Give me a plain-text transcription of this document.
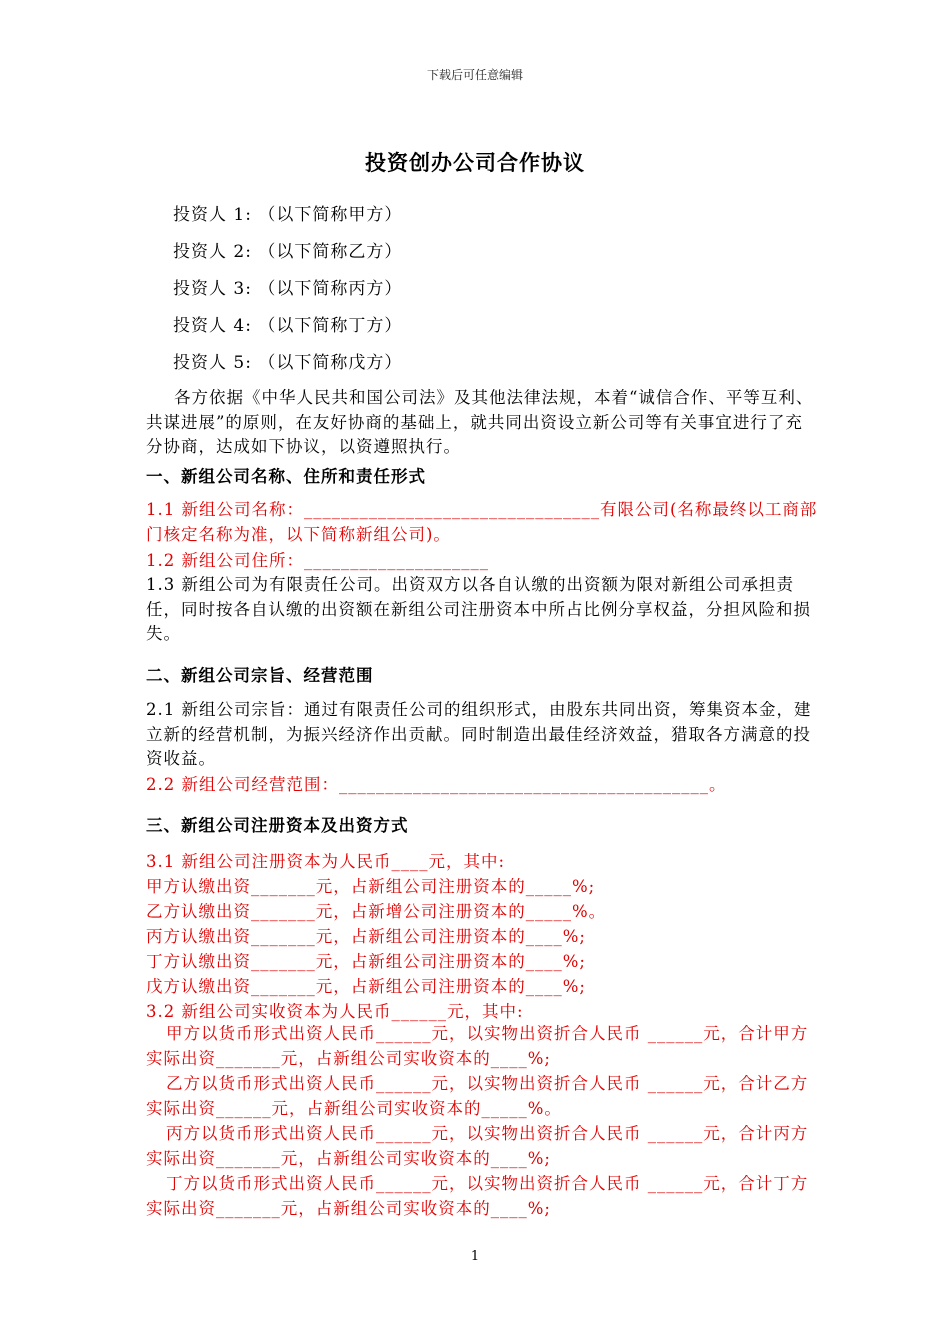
下载后可任意编辑
投资创办公司合作协议
投资人 1: （以下简称甲方）
投资人 2: （以下简称乙方）
投资人 3: （以下简称丙方）
投资人 4: （以下简称丁方）
投资人 5: （以下简称戊方）
各方依据《中华人民共和国公司法》及其他法律法规，本着“诚信合作、平等互利、共谋进展”的原则，在友好协商的基础上，就共同出资设立新公司等有关事宜进行了充分协商，达成如下协议，以资遵照执行。
一、新组公司名称、住所和责任形式
1.1 新组公司名称：________________________________有限公司(名称最终以工商部门核定名称为准，以下简称新组公司)。
1.2 新组公司住所：____________________
1.3 新组公司为有限责任公司。出资双方以各自认缴的出资额为限对新组公司承担责任，同时按各自认缴的出资额在新组公司注册资本中所占比例分享权益，分担风险和损失。
二、新组公司宗旨、经营范围
2.1 新组公司宗旨：通过有限责任公司的组织形式，由股东共同出资，筹集资本金，建立新的经营机制，为振兴经济作出贡献。同时制造出最佳经济效益，猎取各方满意的投资收益。
2.2 新组公司经营范围：________________________________________。
三、新组公司注册资本及出资方式
3.1 新组公司注册资本为人民币____元，其中:
甲方认缴出资_______元，占新组公司注册资本的_____%;
乙方认缴出资_______元，占新增公司注册资本的_____%。
丙方认缴出资_______元，占新组公司注册资本的____%;
丁方认缴出资_______元，占新组公司注册资本的____%;
戊方认缴出资_______元，占新组公司注册资本的____%;
3.2 新组公司实收资本为人民币______元，其中:
甲方以货币形式出资人民币______元，以实物出资折合人民币 ______元，合计甲方实际出资_______元，占新组公司实收资本的____%;
乙方以货币形式出资人民币______元，以实物出资折合人民币 ______元，合计乙方实际出资______元，占新组公司实收资本的_____%。
丙方以货币形式出资人民币______元，以实物出资折合人民币 ______元，合计丙方实际出资_______元，占新组公司实收资本的____%;
丁方以货币形式出资人民币______元，以实物出资折合人民币 ______元，合计丁方实际出资_______元，占新组公司实收资本的____%;
1
